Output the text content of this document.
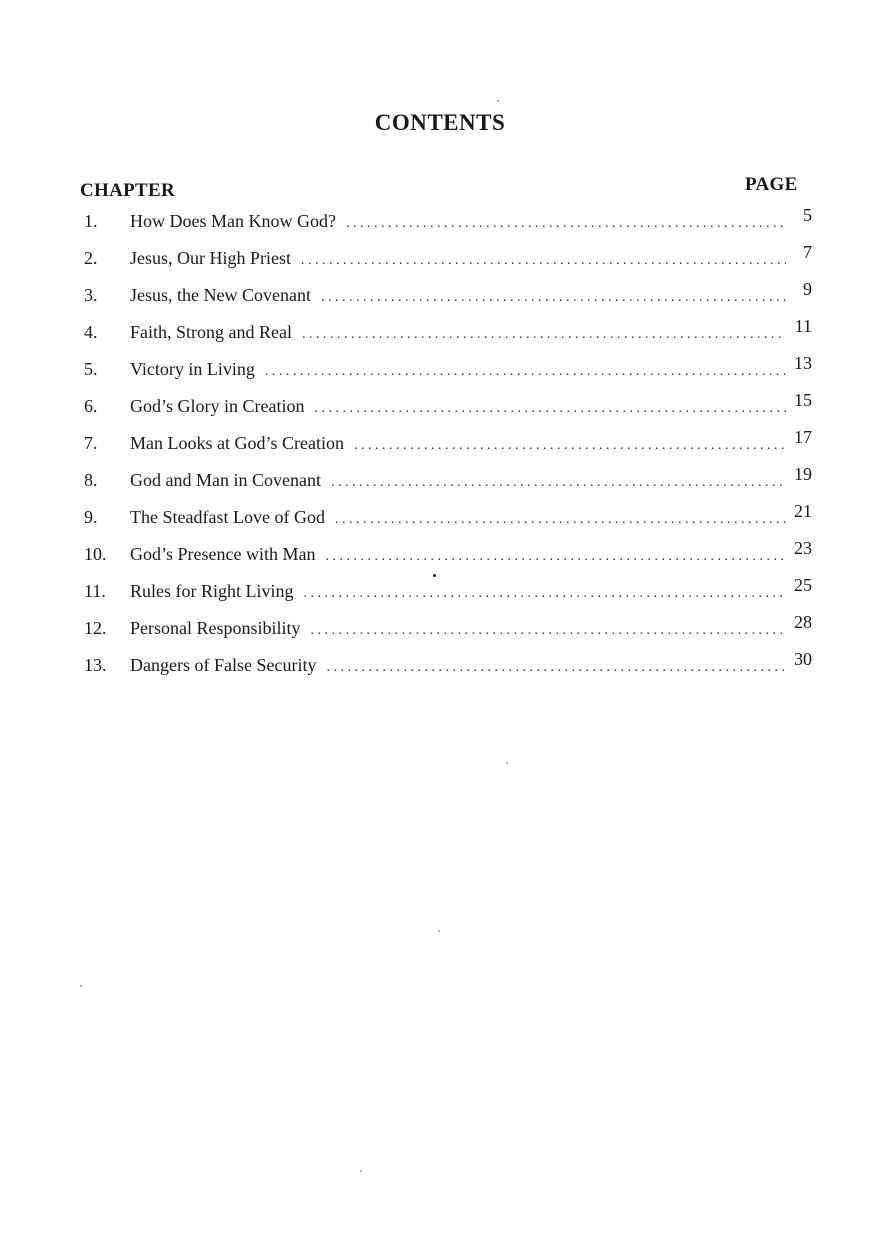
CONTENTS
CHAPTER	PAGE
1.	How Does Man Know God? . . .	5
2.	Jesus, Our High Priest . . .	7
3.	Jesus, the New Covenant . . .	9
4.	Faith, Strong and Real . . .	11
5.	Victory in Living . . .	13
6.	God’s Glory in Creation . . .	15
7.	Man Looks at God’s Creation . . .	17
8.	God and Man in Covenant . . .	19
9.	The Steadfast Love of God . . .	21
10.	God’s Presence with Man . . .	23
11.	Rules for Right Living . . .	25
12.	Personal Responsibility . . .	28
13.	Dangers of False Security . . .	30
